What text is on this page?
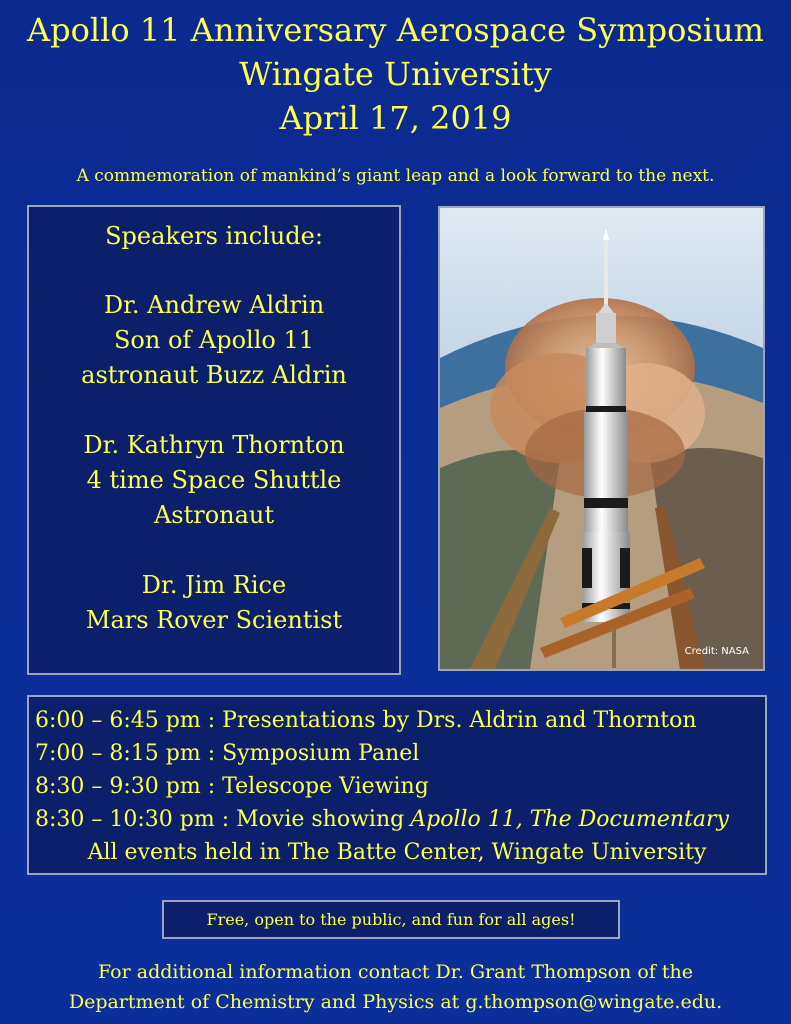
Apollo 11 Anniversary Aerospace Symposium
Wingate University
April 17, 2019
A commemoration of mankind’s giant leap and a look forward to the next.
Speakers include:
Dr. Andrew Aldrin
Son of Apollo 11
astronaut Buzz Aldrin
Dr. Kathryn Thornton
4 time Space Shuttle
Astronaut
Dr. Jim Rice
Mars Rover Scientist
Credit: NASA
6:00 – 6:45 pm : Presentations by Drs. Aldrin and Thornton
7:00 – 8:15 pm : Symposium Panel
8:30 – 9:30 pm : Telescope Viewing
8:30 – 10:30 pm : Movie showing Apollo 11, The Documentary
All events held in The Batte Center, Wingate University
Free, open to the public, and fun for all ages!
For additional information contact Dr. Grant Thompson of the
Department of Chemistry and Physics at g.thompson@wingate.edu.
